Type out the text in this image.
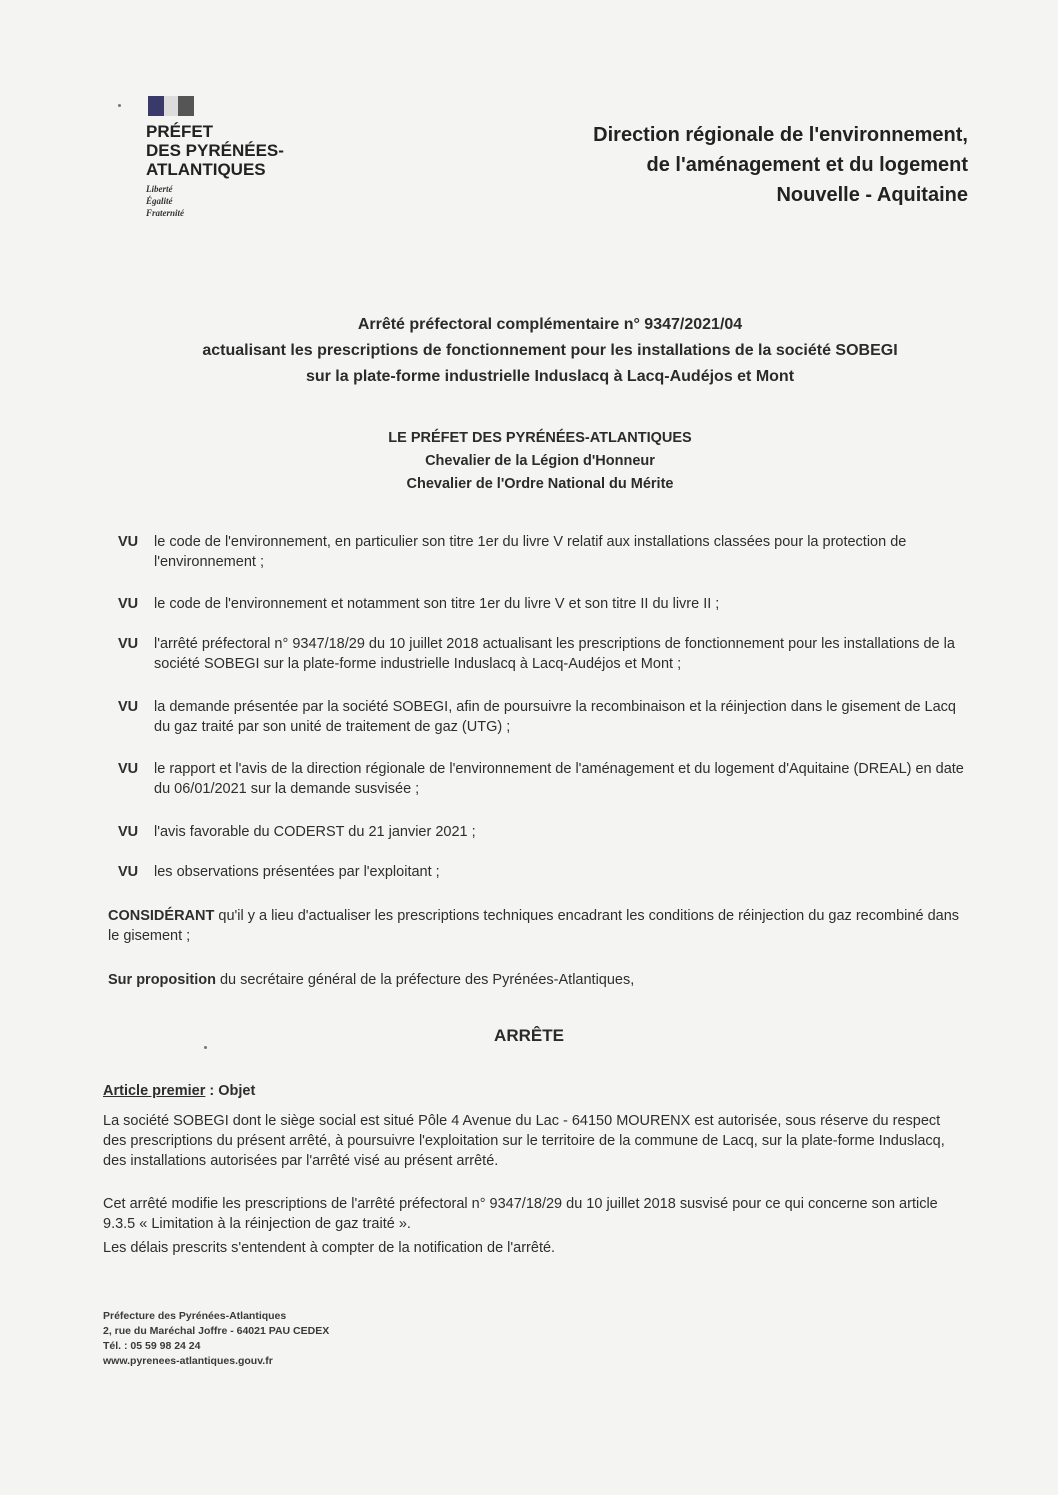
PRÉFET
DES PYRÉNÉES-
ATLANTIQUES
Liberté
Égalité
Fraternité
Direction régionale de l'environnement,
de l'aménagement et du logement
Nouvelle - Aquitaine
Arrêté préfectoral complémentaire n° 9347/2021/04
actualisant les prescriptions de fonctionnement pour les installations de la société SOBEGI
sur la plate-forme industrielle Induslacq à Lacq-Audéjos et Mont
LE PRÉFET DES PYRÉNÉES-ATLANTIQUES
Chevalier de la Légion d'Honneur
Chevalier de l'Ordre National du Mérite
VU	le code de l'environnement, en particulier son titre 1er du livre V relatif aux installations classées pour la protection de l'environnement ;
VU	le code de l'environnement et notamment son titre 1er du livre V et son titre II du livre II ;
VU	l'arrêté préfectoral n° 9347/18/29 du 10 juillet 2018 actualisant les prescriptions de fonctionnement pour les installations de la société SOBEGI sur la plate-forme industrielle Induslacq à Lacq-Audéjos et Mont ;
VU	la demande présentée par la société SOBEGI, afin de poursuivre la recombinaison et la réinjection dans le gisement de Lacq du gaz traité par son unité de traitement de gaz (UTG) ;
VU	le rapport et l'avis de la direction régionale de l'environnement de l'aménagement et du logement d'Aquitaine (DREAL) en date du 06/01/2021 sur la demande susvisée ;
VU	l'avis favorable du CODERST du 21 janvier 2021 ;
VU	les observations présentées par l'exploitant ;
CONSIDÉRANT qu'il y a lieu d'actualiser les prescriptions techniques encadrant les conditions de réinjection du gaz recombiné dans le gisement ;
Sur proposition du secrétaire général de la préfecture des Pyrénées-Atlantiques,
ARRÊTE
Article premier : Objet
La société SOBEGI dont le siège social est situé Pôle 4 Avenue du Lac - 64150 MOURENX est autorisée, sous réserve du respect des prescriptions du présent arrêté, à poursuivre l'exploitation sur le territoire de la commune de Lacq, sur la plate-forme Induslacq, des installations autorisées par l'arrêté visé au présent arrêté.
Cet arrêté modifie les prescriptions de l'arrêté préfectoral n° 9347/18/29 du 10 juillet 2018 susvisé pour ce qui concerne son article 9.3.5 « Limitation à la réinjection de gaz traité ».
Les délais prescrits s'entendent à compter de la notification de l'arrêté.
Préfecture des Pyrénées-Atlantiques
2, rue du Maréchal Joffre - 64021 PAU CEDEX
Tél. : 05 59 98 24 24
www.pyrenees-atlantiques.gouv.fr
